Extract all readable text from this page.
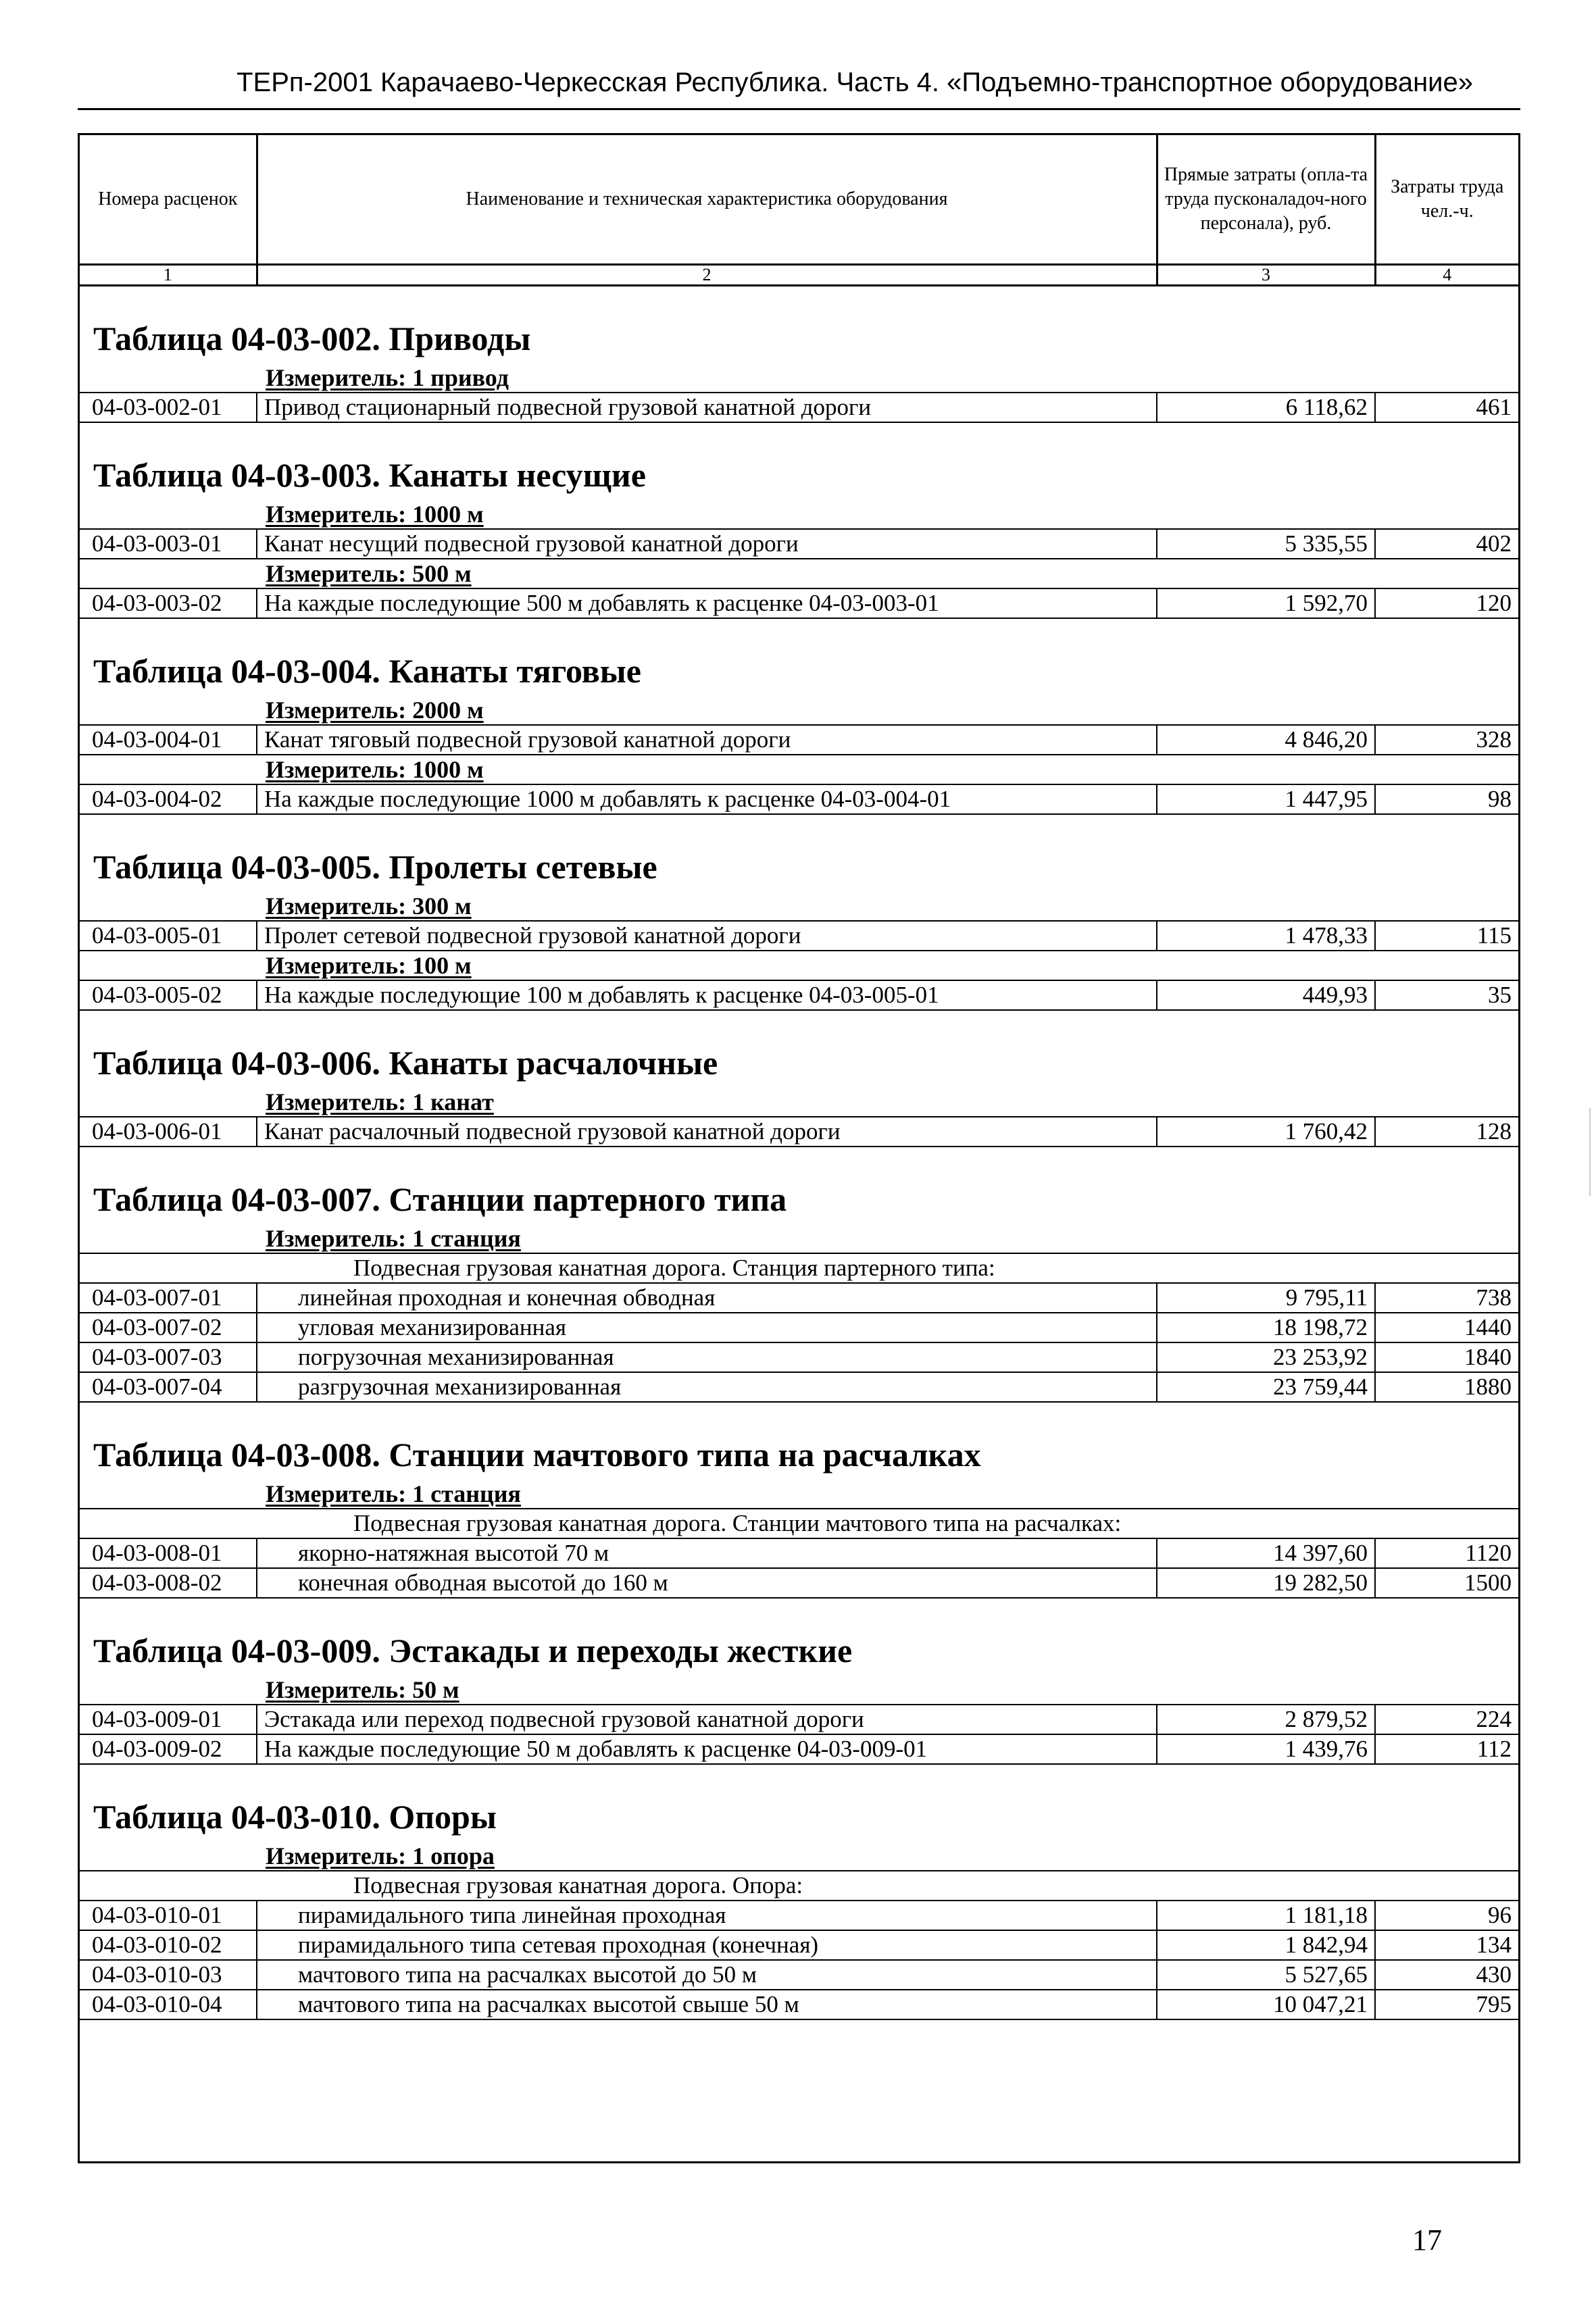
ТЕРп-2001 Карачаево-Черкесская Республика. Часть 4. «Подъемно-транспортное оборудование»
Номера расценок	Наименование и техническая характеристика оборудования	Прямые затраты (опла-та труда пусконаладоч-ного персонала), руб.	Затраты труда чел.-ч.
1	2	3	4
Таблица 04-03-002. Приводы			
Измеритель: 1 привод			
04-03-002-01	Привод стационарный подвесной грузовой канатной дороги	6 118,62	461
Таблица 04-03-003. Канаты несущие			
Измеритель: 1000 м			
04-03-003-01	Канат несущий подвесной грузовой канатной дороги	5 335,55	402
Измеритель: 500 м			
04-03-003-02	На каждые последующие 500 м добавлять к расценке 04-03-003-01	1 592,70	120
Таблица 04-03-004. Канаты тяговые			
Измеритель: 2000 м			
04-03-004-01	Канат тяговый подвесной грузовой канатной дороги	4 846,20	328
Измеритель: 1000 м			
04-03-004-02	На каждые последующие 1000 м добавлять к расценке 04-03-004-01	1 447,95	98
Таблица 04-03-005. Пролеты сетевые			
Измеритель: 300 м			
04-03-005-01	Пролет сетевой подвесной грузовой канатной дороги	1 478,33	115
Измеритель: 100 м			
04-03-005-02	На каждые последующие 100 м добавлять к расценке 04-03-005-01	449,93	35
Таблица 04-03-006. Канаты расчалочные			
Измеритель: 1 канат			
04-03-006-01	Канат расчалочный подвесной грузовой канатной дороги	1 760,42	128
Таблица 04-03-007. Станции партерного типа			
Измеритель: 1 станция			
Подвесная грузовая канатная дорога. Станция партерного типа:			
04-03-007-01	линейная проходная и конечная обводная	9 795,11	738
04-03-007-02	угловая механизированная	18 198,72	1440
04-03-007-03	погрузочная механизированная	23 253,92	1840
04-03-007-04	разгрузочная механизированная	23 759,44	1880
Таблица 04-03-008. Станции мачтового типа на расчалках			
Измеритель: 1 станция			
Подвесная грузовая канатная дорога. Станции мачтового типа на расчалках:			
04-03-008-01	якорно-натяжная высотой 70 м	14 397,60	1120
04-03-008-02	конечная обводная высотой до 160 м	19 282,50	1500
Таблица 04-03-009. Эстакады и переходы жесткие			
Измеритель: 50 м			
04-03-009-01	Эстакада или переход подвесной грузовой канатной дороги	2 879,52	224
04-03-009-02	На каждые последующие 50 м добавлять к расценке 04-03-009-01	1 439,76	112
Таблица 04-03-010. Опоры			
Измеритель: 1 опора			
Подвесная грузовая канатная дорога. Опора:			
04-03-010-01	пирамидального типа линейная проходная	1 181,18	96
04-03-010-02	пирамидального типа сетевая проходная (конечная)	1 842,94	134
04-03-010-03	мачтового типа на расчалках высотой до 50 м	5 527,65	430
04-03-010-04	мачтового типа на расчалках высотой свыше 50 м	10 047,21	795
17
